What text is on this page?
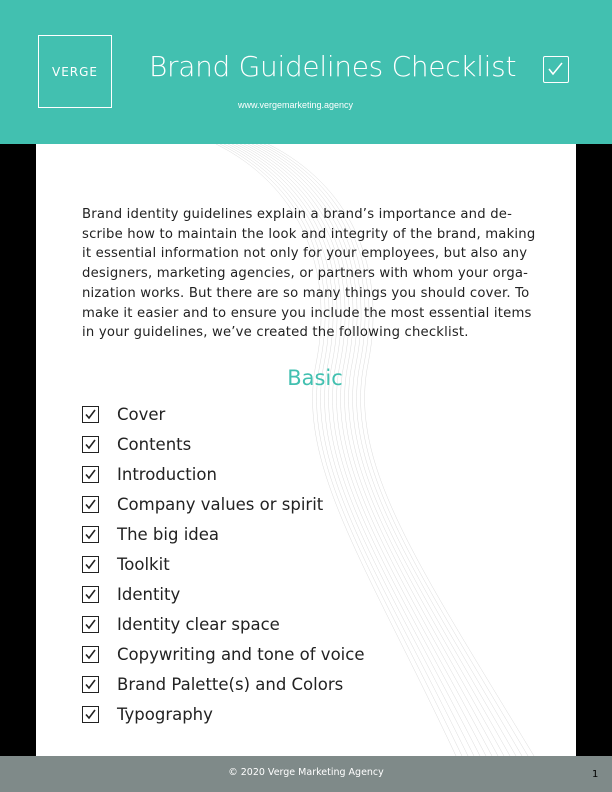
VERGE	Brand Guidelines Checklist
www.vergemarketing.agency
Brand identity guidelines explain a brand’s importance and de-
scribe how to maintain the look and integrity of the brand, making
it essential information not only for your employees, but also any
designers, marketing agencies, or partners with whom your orga-
nization works. But there are so many things you should cover. To
make it easier and to ensure you include the most essential items
in your guidelines, we’ve created the following checklist.
Basic
Cover
Contents
Introduction
Company values or spirit
The big idea
Toolkit
Identity
Identity clear space
Copywriting and tone of voice
Brand Palette(s) and Colors
Typography
© 2020 Verge Marketing Agency	1
